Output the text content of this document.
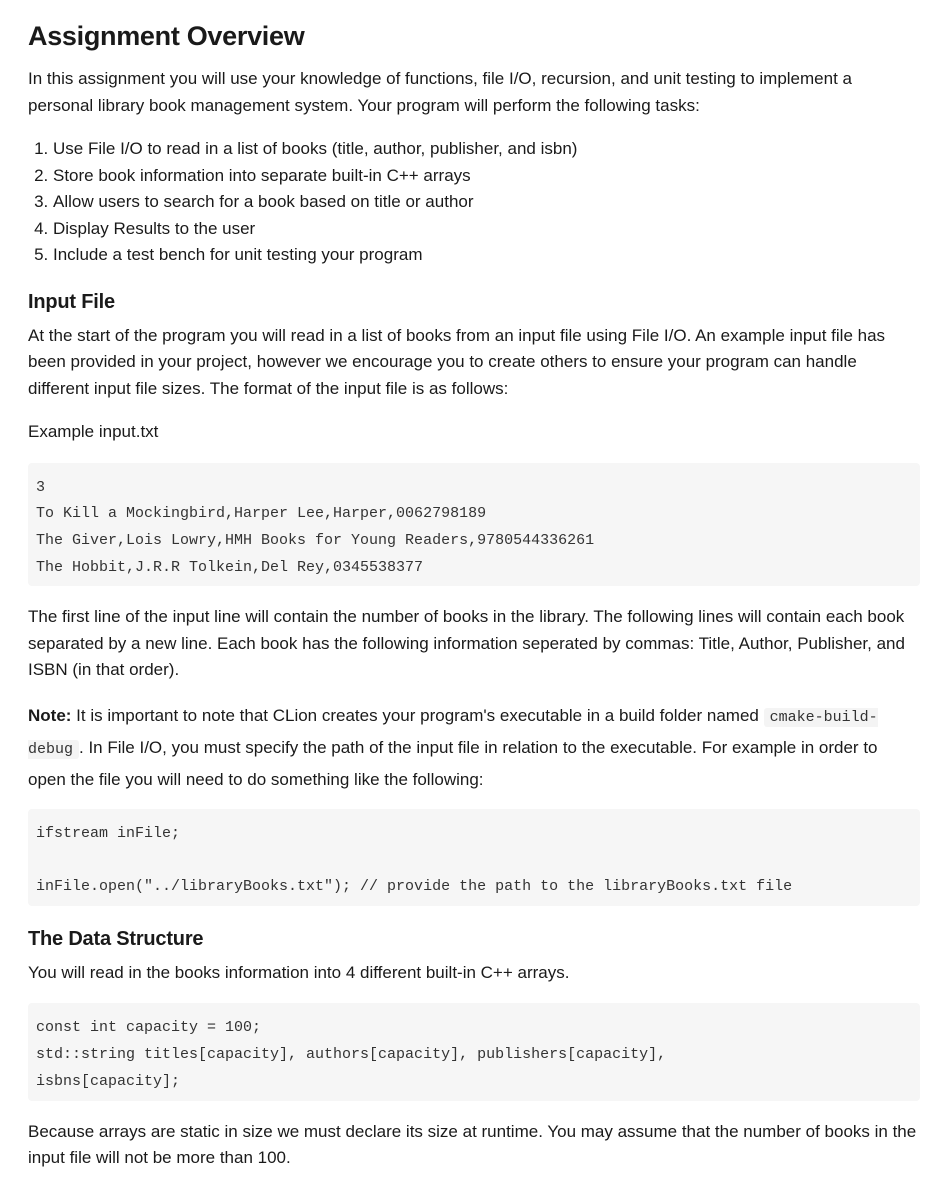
Assignment Overview

In this assignment you will use your knowledge of functions, file I/O, recursion, and unit testing to implement a personal library book management system. Your program will perform the following tasks:

1. Use File I/O to read in a list of books (title, author, publisher, and isbn)
2. Store book information into separate built-in C++ arrays
3. Allow users to search for a book based on title or author
4. Display Results to the user
5. Include a test bench for unit testing your program
Input File

At the start of the program you will read in a list of books from an input file using File I/O. An example input file has been provided in your project, however we encourage you to create others to ensure your program can handle different input file sizes. The format of the input file is as follows:

Example input.txt

3
To Kill a Mockingbird,Harper Lee,Harper,0062798189
The Giver,Lois Lowry,HMH Books for Young Readers,9780544336261
The Hobbit,J.R.R Tolkein,Del Rey,0345538377

The first line of the input line will contain the number of books in the library. The following lines will contain each book separated by a new line. Each book has the following information seperated by commas: Title, Author, Publisher, and ISBN (in that order).

Note: It is important to note that CLion creates your program's executable in a build folder named cmake-build-debug . In File I/O, you must specify the path of the input file in relation to the executable. For example in order to open the file you will need to do something like the following:

ifstream inFile;

inFile.open("../libraryBooks.txt"); // provide the path to the libraryBooks.txt file
The Data Structure

You will read in the books information into 4 different built-in C++ arrays.

const int capacity = 100;
std::string titles[capacity], authors[capacity], publishers[capacity],
isbns[capacity];

Because arrays are static in size we must declare its size at runtime. You may assume that the number of books in the input file will not be more than 100.
